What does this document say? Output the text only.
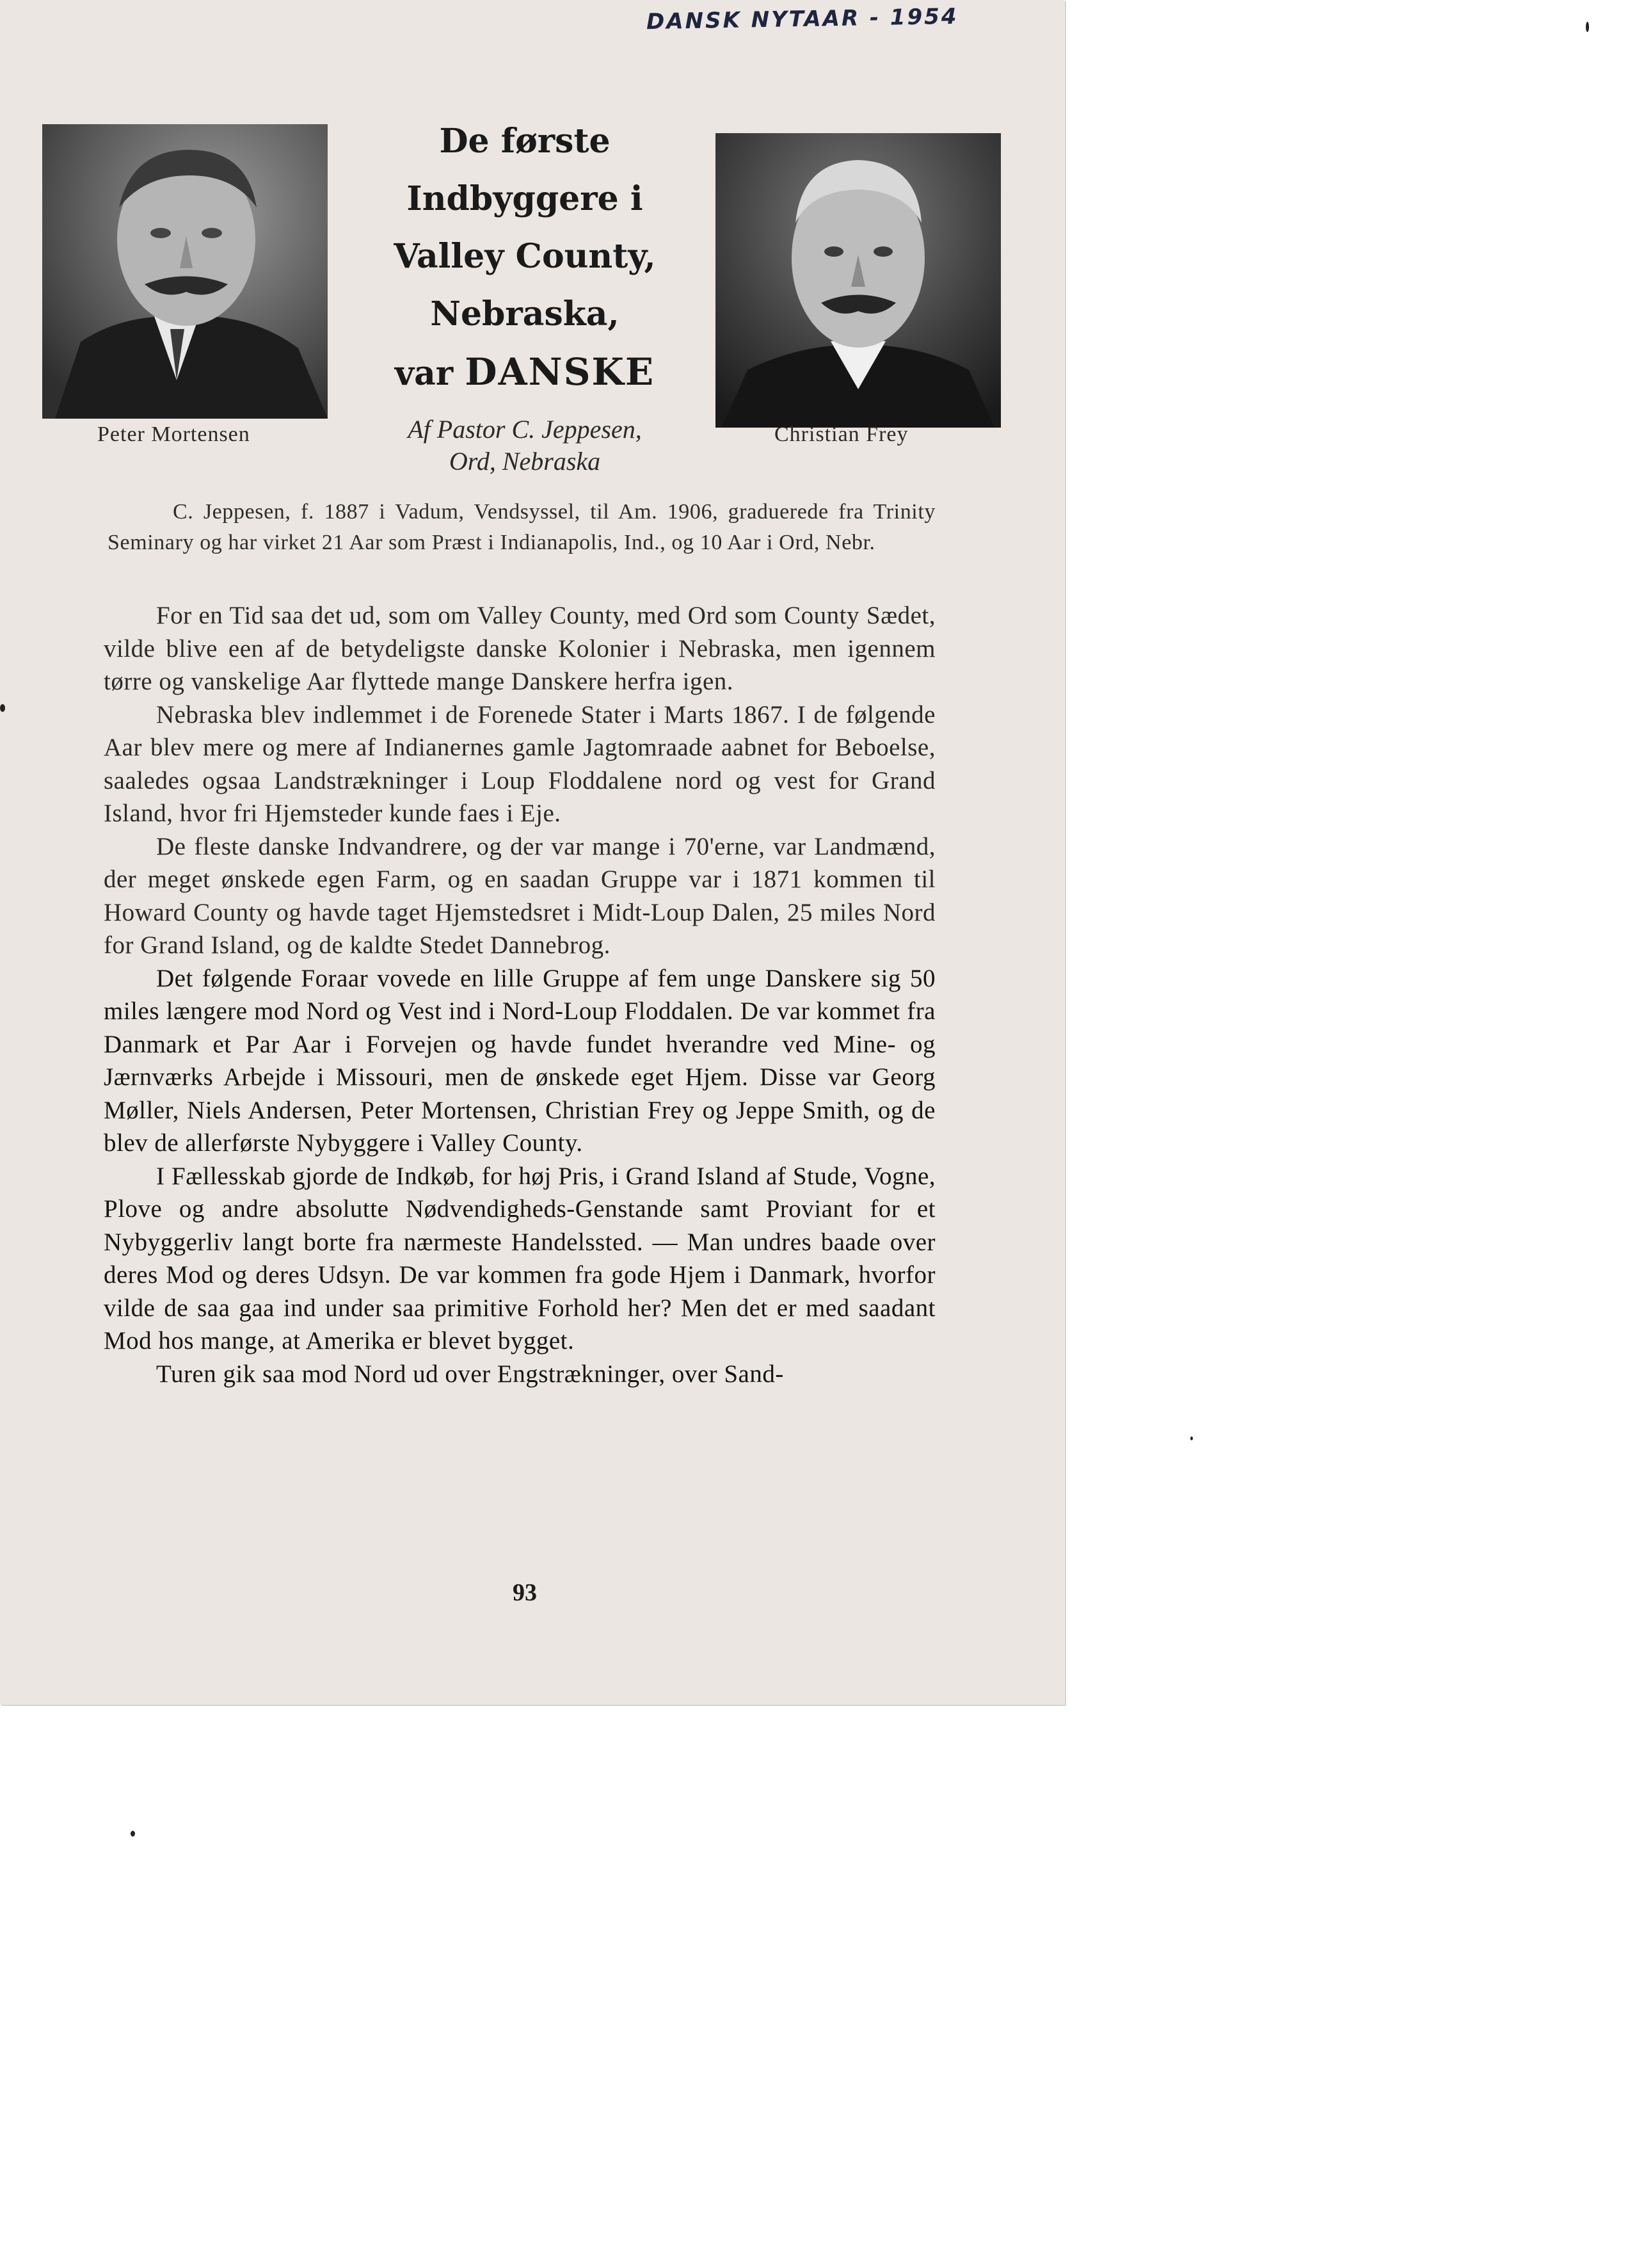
DANSK NYTAAR - 1954
Peter Mortensen	Christian Frey
De første
Indbyggere i
Valley County,
Nebraska,
var DANSKE
Af Pastor C. Jeppesen,
Ord, Nebraska
C. Jeppesen, f. 1887 i Vadum, Vendsyssel, til Am. 1906, graduerede fra Trinity Seminary og har virket 21 Aar som Præst i Indianapolis, Ind., og 10 Aar i Ord, Nebr.

For en Tid saa det ud, som om Valley County, med Ord som County Sædet, vilde blive een af de betydeligste danske Kolonier i Nebraska, men igennem tørre og vanskelige Aar flyttede mange Danskere herfra igen.

Nebraska blev indlemmet i de Forenede Stater i Marts 1867. I de følgende Aar blev mere og mere af Indianernes gamle Jagtomraade aabnet for Beboelse, saaledes ogsaa Landstrækninger i Loup Floddalene nord og vest for Grand Island, hvor fri Hjemsteder kunde faes i Eje.

De fleste danske Indvandrere, og der var mange i 70'erne, var Landmænd, der meget ønskede egen Farm, og en saadan Gruppe var i 1871 kommen til Howard County og havde taget Hjemstedsret i Midt-Loup Dalen, 25 miles Nord for Grand Island, og de kaldte Stedet Dannebrog.

Det følgende Foraar vovede en lille Gruppe af fem unge Danskere sig 50 miles længere mod Nord og Vest ind i Nord-Loup Floddalen. De var kommet fra Danmark et Par Aar i Forvejen og havde fundet hverandre ved Mine- og Jærnværks Arbejde i Missouri, men de ønskede eget Hjem. Disse var Georg Møller, Niels Andersen, Peter Mortensen, Christian Frey og Jeppe Smith, og de blev de allerførste Nybyggere i Valley County.

I Fællesskab gjorde de Indkøb, for høj Pris, i Grand Island af Stude, Vogne, Plove og andre absolutte Nødvendigheds-Genstande samt Proviant for et Nybyggerliv langt borte fra nærmeste Handelssted. — Man undres baade over deres Mod og deres Udsyn. De var kommen fra gode Hjem i Danmark, hvorfor vilde de saa gaa ind under saa primitive Forhold her? Men det er med saadant Mod hos mange, at Amerika er blevet bygget.

Turen gik saa mod Nord ud over Engstrækninger, over Sand-

93
